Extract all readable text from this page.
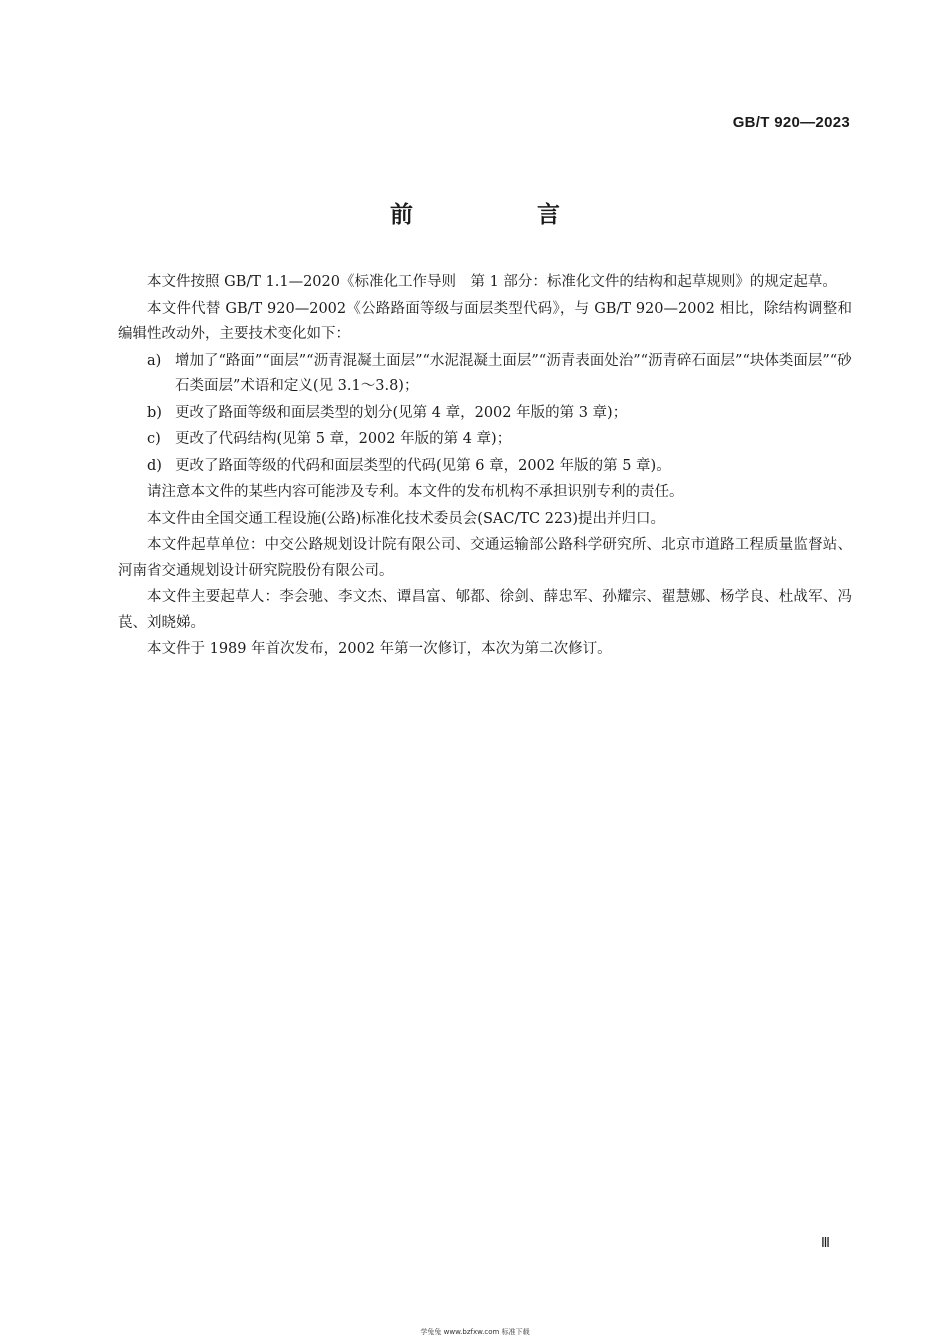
GB/T 920—2023
前 言

本文件按照 GB/T 1.1—2020《标准化工作导则　第 1 部分：标准化文件的结构和起草规则》的规定起草。

本文件代替 GB/T 920—2002《公路路面等级与面层类型代码》，与 GB/T 920—2002 相比，除结构调整和编辑性改动外，主要技术变化如下：

a) 增加了“路面”“面层”“沥青混凝土面层”“水泥混凝土面层”“沥青表面处治”“沥青碎石面层”“块体类面层”“砂石类面层”术语和定义(见 3.1～3.8)；
b) 更改了路面等级和面层类型的划分(见第 4 章，2002 年版的第 3 章)；
c) 更改了代码结构(见第 5 章，2002 年版的第 4 章)；
d) 更改了路面等级的代码和面层类型的代码(见第 6 章，2002 年版的第 5 章)。

请注意本文件的某些内容可能涉及专利。本文件的发布机构不承担识别专利的责任。

本文件由全国交通工程设施(公路)标准化技术委员会(SAC/TC 223)提出并归口。

本文件起草单位：中交公路规划设计院有限公司、交通运输部公路科学研究所、北京市道路工程质量监督站、河南省交通规划设计研究院股份有限公司。

本文件主要起草人：李会驰、李文杰、谭昌富、郇都、徐剑、薛忠军、孙耀宗、翟慧娜、杨学良、杜战军、冯苠、刘晓娣。

本文件于 1989 年首次发布，2002 年第一次修订，本次为第二次修订。

Ⅲ
学兔兔 www.bzfxw.com 标准下载
